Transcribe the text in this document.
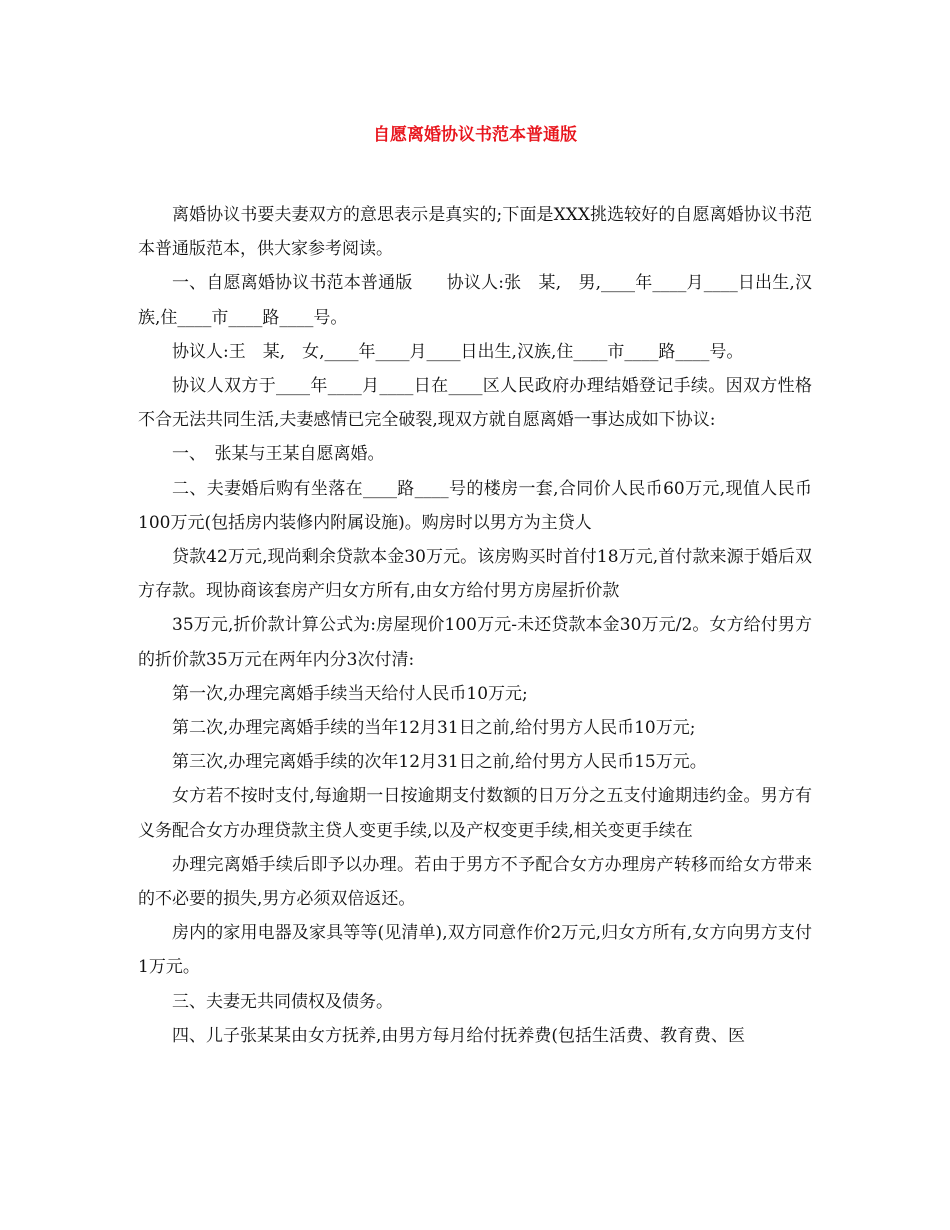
自愿离婚协议书范本普通版

离婚协议书要夫妻双方的意思表示是真实的;下面是XXX挑选较好的自愿离婚协议书范本普通版范本，供大家参考阅读。

一、自愿离婚协议书范本普通版　　协议人:张　某,　男,____年____月____日出生,汉族,住____市____路____号。

协议人:王　某,　女,____年____月____日出生,汉族,住____市____路____号。

协议人双方于____年____月____日在____区人民政府办理结婚登记手续。因双方性格不合无法共同生活,夫妻感情已完全破裂,现双方就自愿离婚一事达成如下协议:

一、　张某与王某自愿离婚。

二、夫妻婚后购有坐落在____路____号的楼房一套,合同价人民币60万元,现值人民币100万元(包括房内装修内附属设施)。购房时以男方为主贷人

贷款42万元,现尚剩余贷款本金30万元。该房购买时首付18万元,首付款来源于婚后双方存款。现协商该套房产归女方所有,由女方给付男方房屋折价款

35万元,折价款计算公式为:房屋现价100万元-未还贷款本金30万元/2。女方给付男方的折价款35万元在两年内分3次付清:

第一次,办理完离婚手续当天给付人民币10万元;

第二次,办理完离婚手续的当年12月31日之前,给付男方人民币10万元;

第三次,办理完离婚手续的次年12月31日之前,给付男方人民币15万元。

女方若不按时支付,每逾期一日按逾期支付数额的日万分之五支付逾期违约金。男方有义务配合女方办理贷款主贷人变更手续,以及产权变更手续,相关变更手续在

办理完离婚手续后即予以办理。若由于男方不予配合女方办理房产转移而给女方带来的不必要的损失,男方必须双倍返还。

房内的家用电器及家具等等(见清单),双方同意作价2万元,归女方所有,女方向男方支付1万元。

三、夫妻无共同债权及债务。

四、儿子张某某由女方抚养,由男方每月给付抚养费(包括生活费、教育费、医
